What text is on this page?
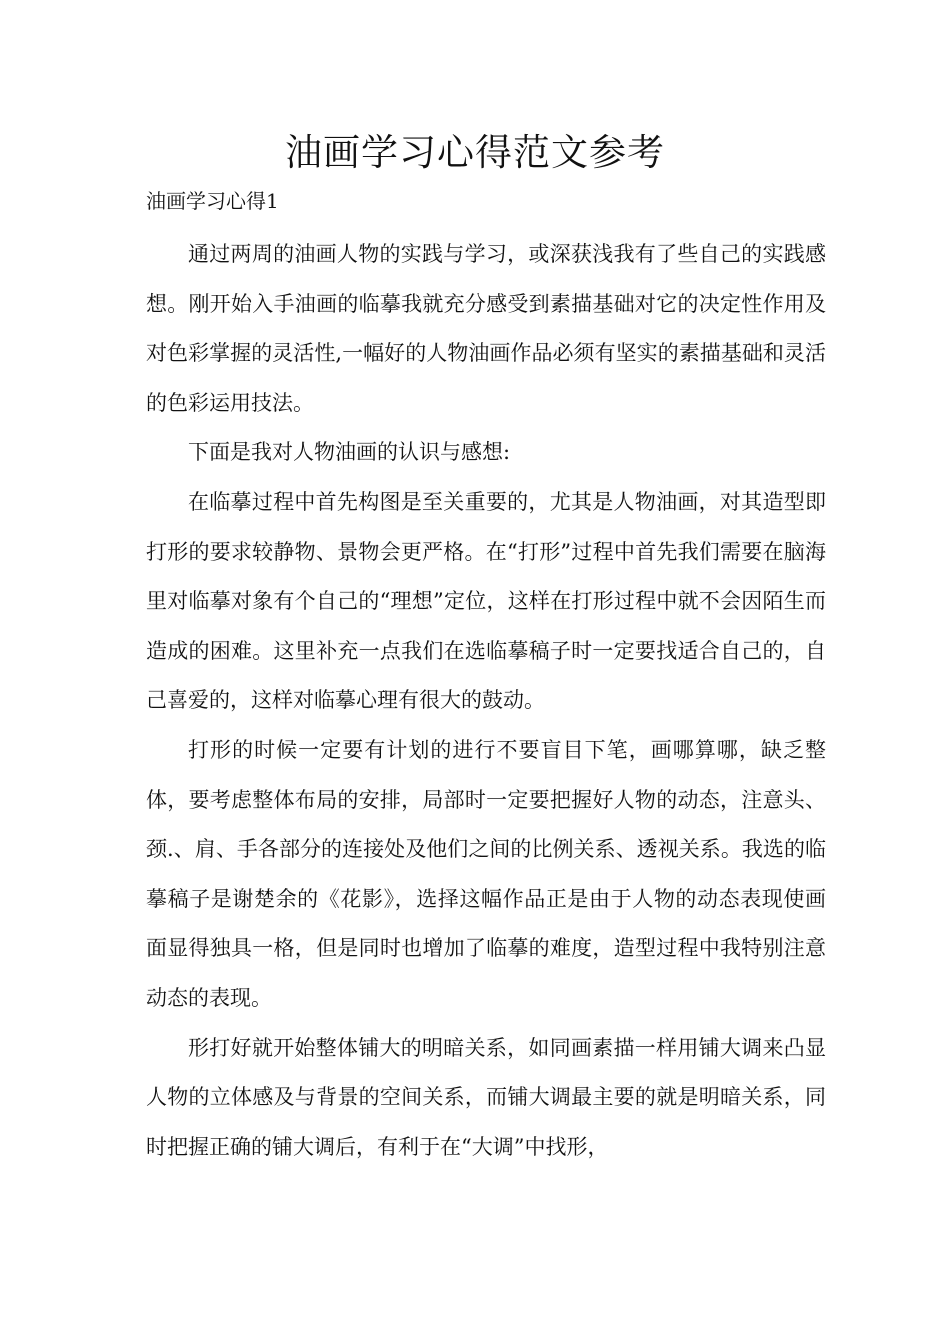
油画学习心得范文参考

油画学习心得1

通过两周的油画人物的实践与学习，或深获浅我有了些自己的实践感想。刚开始入手油画的临摹我就充分感受到素描基础对它的决定性作用及对色彩掌握的灵活性,一幅好的人物油画作品必须有坚实的素描基础和灵活的色彩运用技法。

下面是我对人物油画的认识与感想:

在临摹过程中首先构图是至关重要的，尤其是人物油画，对其造型即打形的要求较静物、景物会更严格。在“打形”过程中首先我们需要在脑海里对临摹对象有个自己的“理想”定位，这样在打形过程中就不会因陌生而造成的困难。这里补充一点我们在选临摹稿子时一定要找适合自己的，自己喜爱的，这样对临摹心理有很大的鼓动。

打形的时候一定要有计划的进行不要盲目下笔，画哪算哪，缺乏整体，要考虑整体布局的安排，局部时一定要把握好人物的动态，注意头、颈.、肩、手各部分的连接处及他们之间的比例关系、透视关系。我选的临摹稿子是谢楚余的《花影》，选择这幅作品正是由于人物的动态表现使画面显得独具一格，但是同时也增加了临摹的难度，造型过程中我特别注意动态的表现。

形打好就开始整体铺大的明暗关系，如同画素描一样用铺大调来凸显人物的立体感及与背景的空间关系，而铺大调最主要的就是明暗关系，同时把握正确的铺大调后，有利于在“大调”中找形，
